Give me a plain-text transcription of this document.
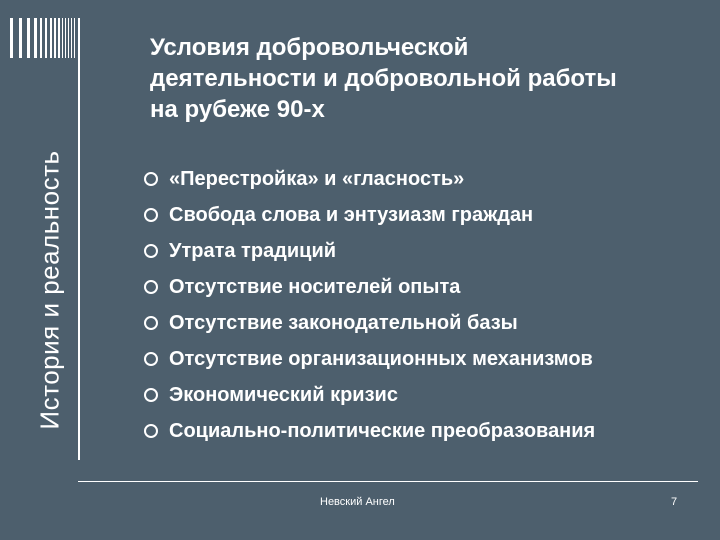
История и реальность
Условия добровольческой
деятельности и добровольной работы
на рубеже 90-х
«Перестройка» и «гласность»
Свобода слова и энтузиазм граждан
Утрата традиций
Отсутствие носителей опыта
Отсутствие законодательной базы
Отсутствие организационных механизмов
Экономический кризис
Социально-политические преобразования
Невский Ангел	7
